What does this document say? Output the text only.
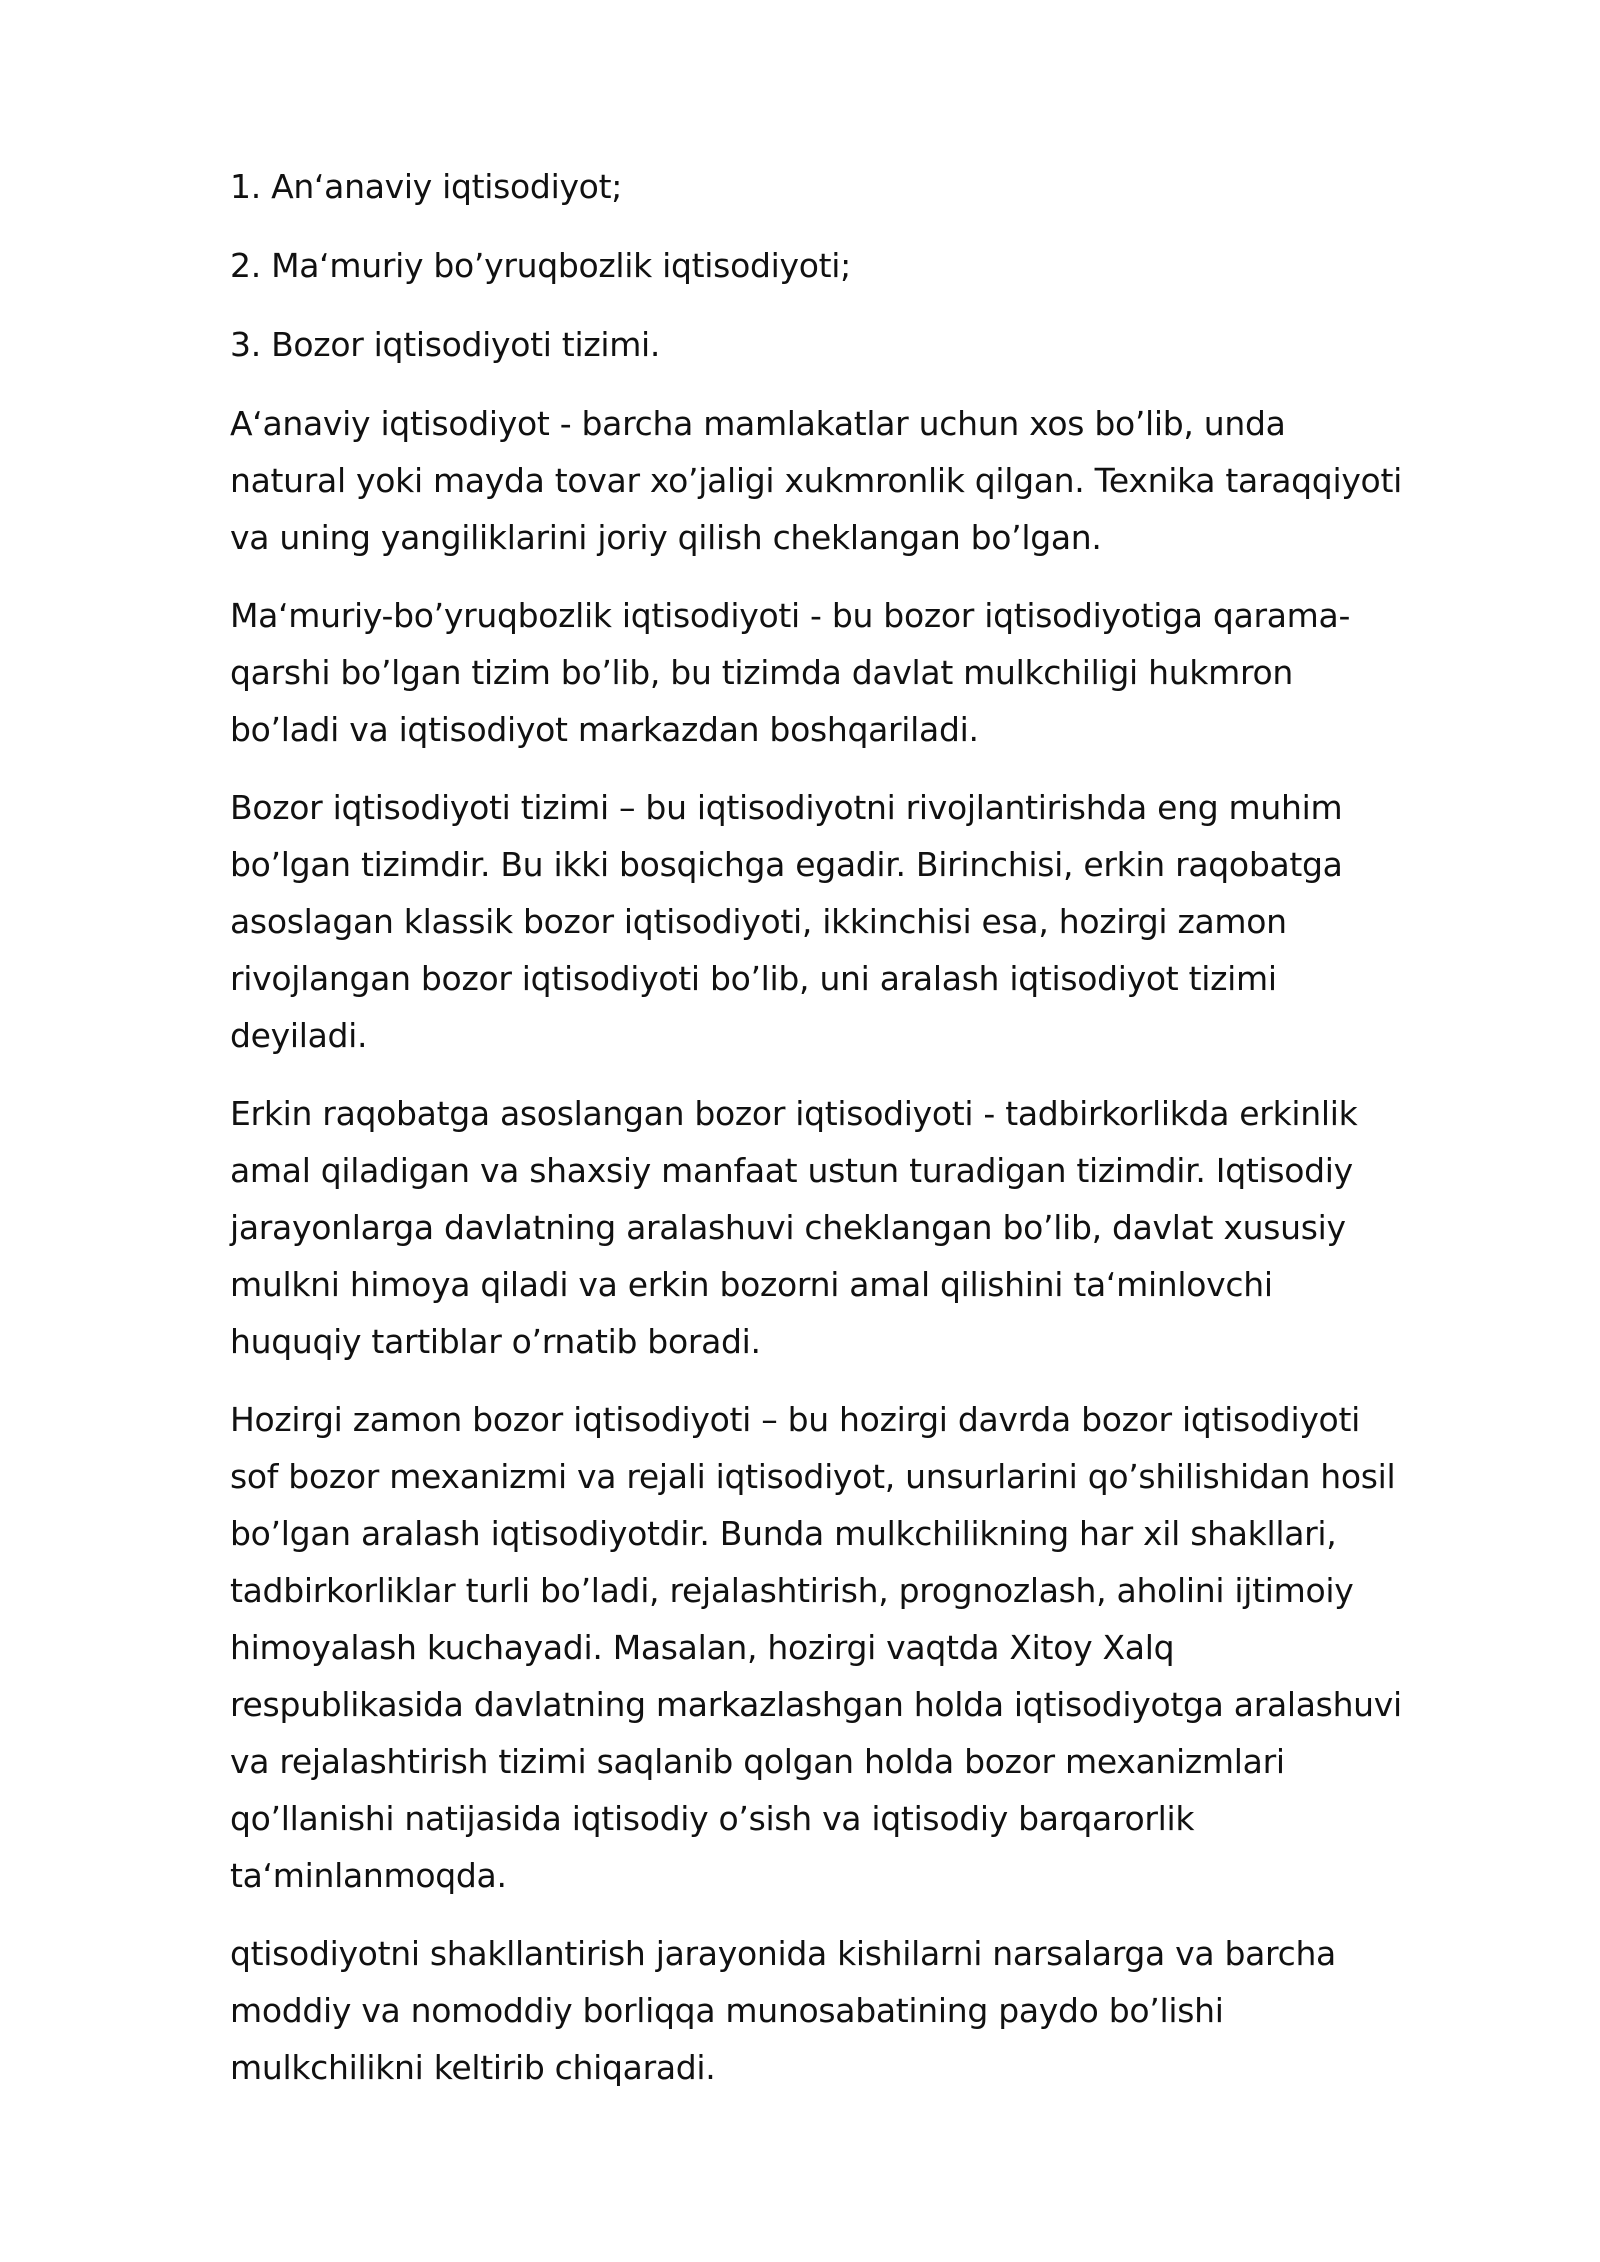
1. An‘anaviy iqtisodiyot;
2. Ma‘muriy bo’yruqbozlik iqtisodiyoti;
3. Bozor iqtisodiyoti tizimi.
A‘anaviy iqtisodiyot - barcha mamlakatlar uchun xos bo’lib, unda
natural yoki mayda tovar xo’jaligi xukmronlik qilgan. Texnika taraqqiyoti
va uning yangiliklarini joriy qilish cheklangan bo’lgan.
Ma‘muriy-bo’yruqbozlik iqtisodiyoti - bu bozor iqtisodiyotiga qarama-
qarshi bo’lgan tizim bo’lib, bu tizimda davlat mulkchiligi hukmron
bo’ladi va iqtisodiyot markazdan boshqariladi.
Bozor iqtisodiyoti tizimi – bu iqtisodiyotni rivojlantirishda eng muhim
bo’lgan tizimdir. Bu ikki bosqichga egadir. Birinchisi, erkin raqobatga
asoslagan klassik bozor iqtisodiyoti, ikkinchisi esa, hozirgi zamon
rivojlangan bozor iqtisodiyoti bo’lib, uni aralash iqtisodiyot tizimi
deyiladi.
Erkin raqobatga asoslangan bozor iqtisodiyoti - tadbirkorlikda erkinlik
amal qiladigan va shaxsiy manfaat ustun turadigan tizimdir. Iqtisodiy
jarayonlarga davlatning aralashuvi cheklangan bo’lib, davlat xususiy
mulkni himoya qiladi va erkin bozorni amal qilishini ta‘minlovchi
huquqiy tartiblar o’rnatib boradi.
Hozirgi zamon bozor iqtisodiyoti – bu hozirgi davrda bozor iqtisodiyoti
sof bozor mexanizmi va rejali iqtisodiyot, unsurlarini qo’shilishidan hosil
bo’lgan aralash iqtisodiyotdir. Bunda mulkchilikning har xil shakllari,
tadbirkorliklar turli bo’ladi, rejalashtirish, prognozlash, aholini ijtimoiy
himoyalash kuchayadi. Masalan, hozirgi vaqtda Xitoy Xalq
respublikasida davlatning markazlashgan holda iqtisodiyotga aralashuvi
va rejalashtirish tizimi saqlanib qolgan holda bozor mexanizmlari
qo’llanishi natijasida iqtisodiy o’sish va iqtisodiy barqarorlik
ta‘minlanmoqda.
qtisodiyotni shakllantirish jarayonida kishilarni narsalarga va barcha
moddiy va nomoddiy borliqqa munosabatining paydo bo’lishi
mulkchilikni keltirib chiqaradi.
